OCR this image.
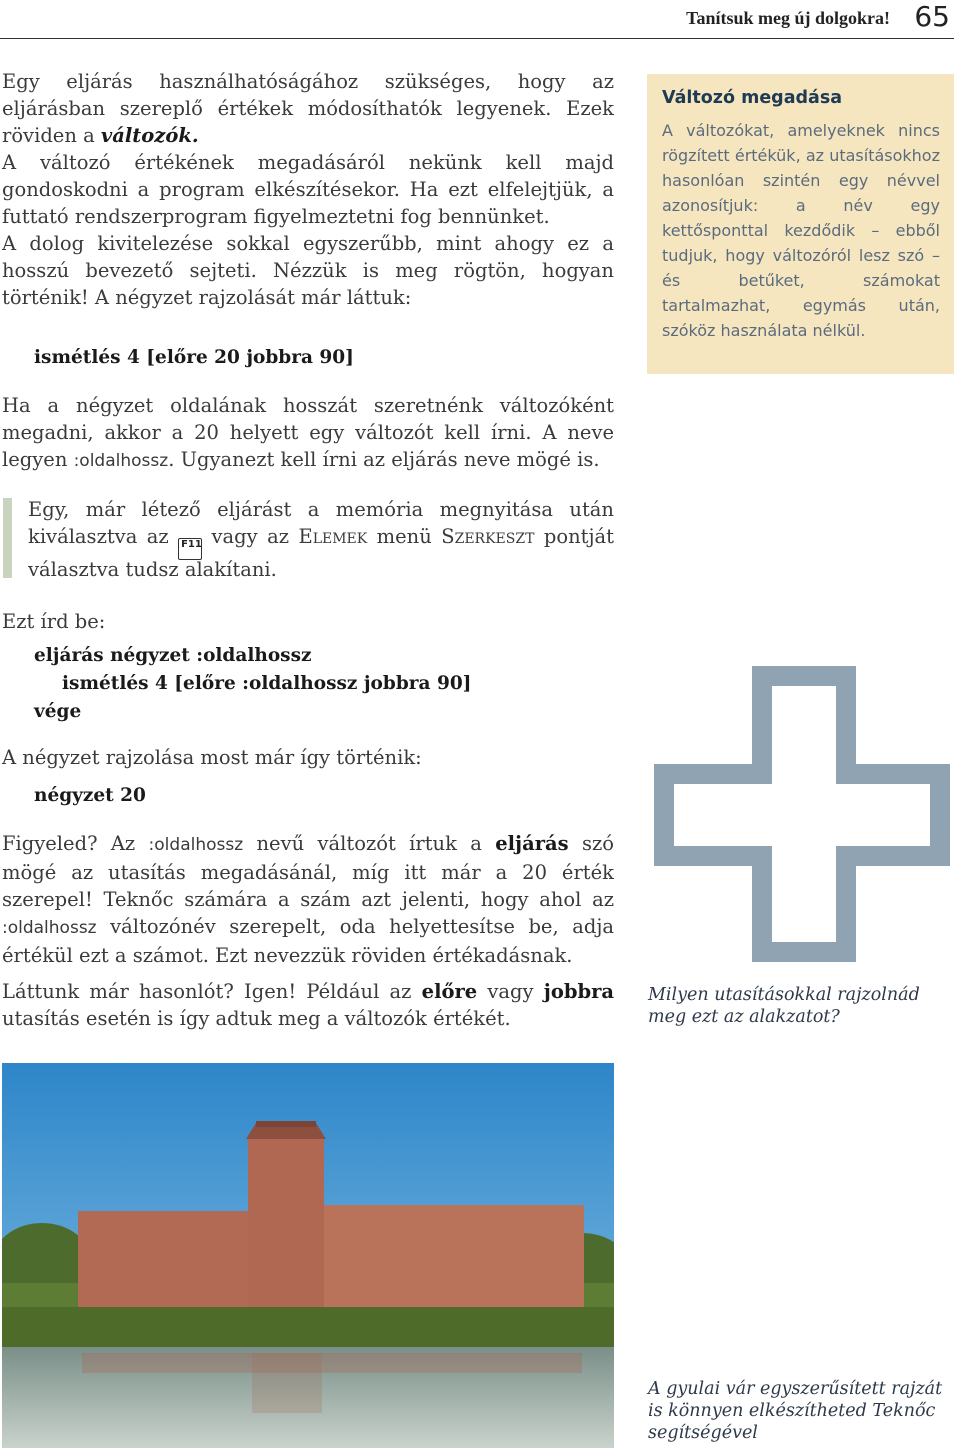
Tanítsuk meg új dolgokra! 65

Egy eljárás használhatóságához szükséges, hogy az eljárásban szereplő értékek módosíthatók legyenek. Ezek röviden a változók.

A változó értékének megadásáról nekünk kell majd gondoskodni a program elkészítésekor. Ha ezt elfelejtjük, a futtató rendszerprogram figyelmeztetni fog bennünket.

A dolog kivitelezése sokkal egyszerűbb, mint ahogy ez a hosszú bevezető sejteti. Nézzük is meg rögtön, hogyan történik! A négyzet rajzolását már láttuk:

ismétlés 4 [előre 20 jobbra 90]

Ha a négyzet oldalának hosszát szeretnénk változóként megadni, akkor a 20 helyett egy változót kell írni. A neve legyen :oldalhossz. Ugyanezt kell írni az eljárás neve mögé is.

Egy, már létező eljárást a memória megnyitása után kiválasztva az F11 vagy az Elemek menü Szerkeszt pontját választva tudsz alakítani.

Ezt írd be:
eljárás négyzet :oldalhossz
ismétlés 4 [előre :oldalhossz jobbra 90]
vége
A négyzet rajzolása most már így történik:
négyzet 20

Figyeled? Az :oldalhossz nevű változót írtuk a eljárás szó mögé az utasítás megadásánál, míg itt már a 20 érték szerepel! Teknőc számára a szám azt jelenti, hogy ahol az :oldalhossz változónév szerepelt, oda helyettesítse be, adja értékül ezt a számot. Ezt nevezzük röviden értékadásnak.

Láttunk már hasonlót? Igen! Például az előre vagy jobbra utasítás esetén is így adtuk meg a változók értékét.

Változó megadása

A változókat, amelyeknek nincs rögzített értékük, az utasításokhoz hasonlóan szintén egy névvel azonosítjuk: a név egy kettősponttal kezdődik – ebből tudjuk, hogy változóról lesz szó – és betűket, számokat tartalmazhat, egymás után, szóköz használata nélkül.

Milyen utasításokkal rajzolnád meg ezt az alakzatot?

A gyulai vár egyszerűsített rajzát is könnyen elkészítheted Teknőc segítségével
